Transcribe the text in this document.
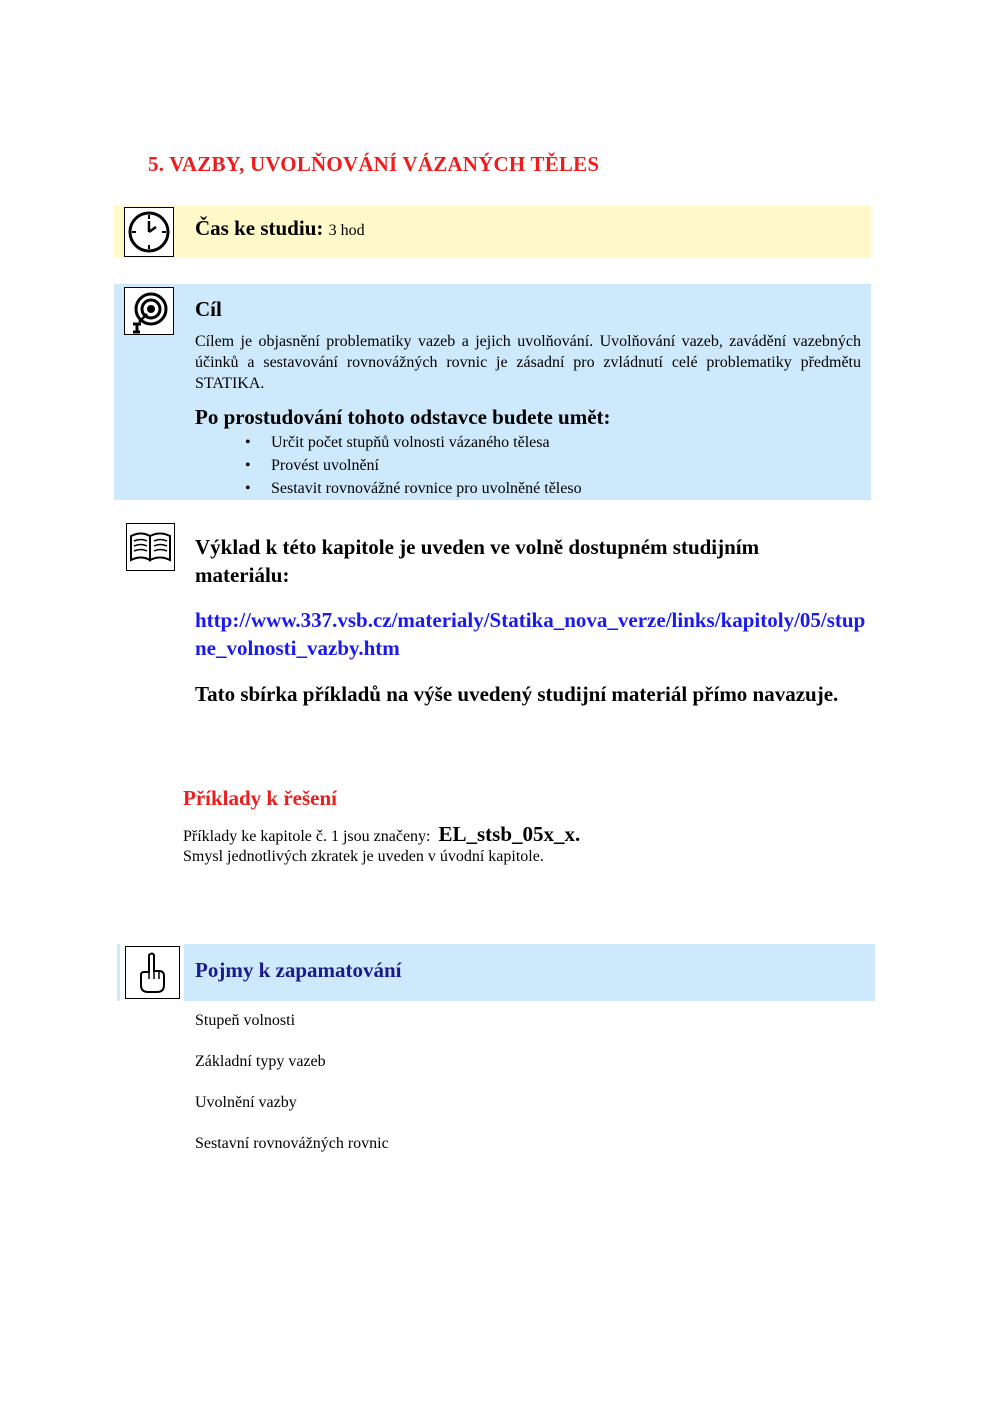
5. VAZBY, UVOLŇOVÁNÍ VÁZANÝCH TĚLES
Čas ke studiu: 3 hod
Cíl

Cílem je objasnění problematiky vazeb a jejich uvolňování. Uvolňování vazeb, zavádění vazebných účinků a sestavování rovnovážných rovnic je zásadní pro zvládnutí celé problematiky předmětu STATIKA.

Po prostudování tohoto odstavce budete umět:
• Určit počet stupňů volnosti vázaného tělesa
• Provést uvolnění
• Sestavit rovnovážné rovnice pro uvolněné těleso

Výklad k této kapitole je uveden ve volně dostupném studijním materiálu:

http://www.337.vsb.cz/materialy/Statika_nova_verze/links/kapitoly/05/stupne_volnosti_vazby.htm

Tato sbírka příkladů na výše uvedený studijní materiál přímo navazuje.

Příklady k řešení
Příklady ke kapitole č. 1 jsou značeny: EL_stsb_05x_x.
Smysl jednotlivých zkratek je uveden v úvodní kapitole.
Pojmy k zapamatování
Stupeň volnosti
Základní typy vazeb
Uvolnění vazby
Sestavní rovnovážných rovnic
